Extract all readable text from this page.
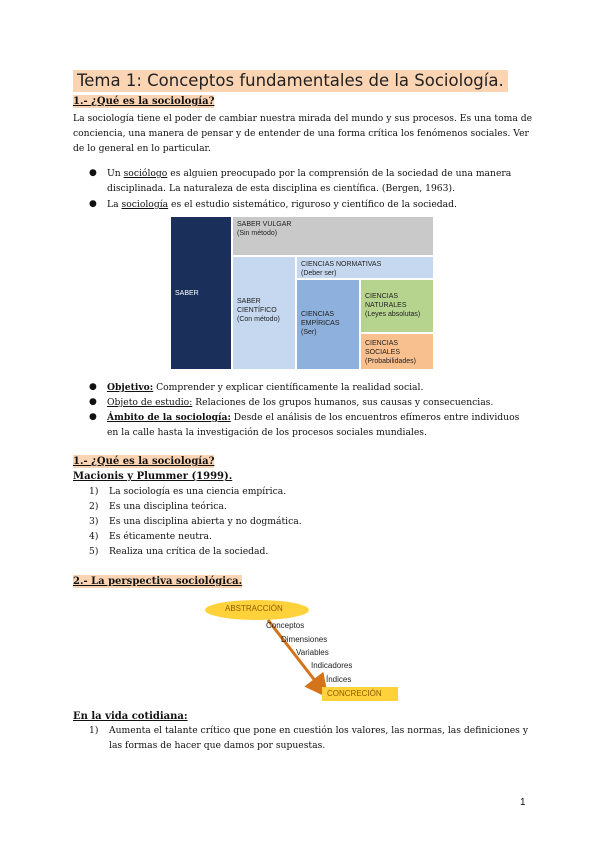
Tema 1: Conceptos fundamentales de la Sociología.
1.- ¿Qué es la sociología?
La sociología tiene el poder de cambiar nuestra mirada del mundo y sus procesos. Es una toma de conciencia, una manera de pensar y de entender de una forma crítica los fenómenos sociales. Ver de lo general en lo particular.
● Un sociólogo es alguien preocupado por la comprensión de la sociedad de una manera disciplinada. La naturaleza de esta disciplina es científica. (Bergen, 1963).
● La sociología es el estudio sistemático, riguroso y científico de la sociedad.
SABER
SABER VULGAR
(Sin método)
SABER CIENTÍFICO
(Con método)
CIENCIAS NORMATIVAS
(Deber ser)
CIENCIAS EMPÍRICAS
(Ser)
CIENCIAS NATURALES
(Leyes absolutas)
CIENCIAS SOCIALES
(Probabilidades)
● Objetivo: Comprender y explicar científicamente la realidad social.
● Objeto de estudio: Relaciones de los grupos humanos, sus causas y consecuencias.
● Ámbito de la sociología: Desde el análisis de los encuentros efímeros entre individuos en la calle hasta la investigación de los procesos sociales mundiales.
1.- ¿Qué es la sociología?
Macionis y Plummer (1999).
1) La sociología es una ciencia empírica.
2) Es una disciplina teórica.
3) Es una disciplina abierta y no dogmática.
4) Es éticamente neutra.
5) Realiza una crítica de la sociedad.
2.- La perspectiva sociológica.
ABSTRACCIÓN
Conceptos
Dimensiones
Variables
Indicadores
Índices
CONCRECIÓN
En la vida cotidiana:
1) Aumenta el talante crítico que pone en cuestión los valores, las normas, las definiciones y las formas de hacer que damos por supuestas.
1
